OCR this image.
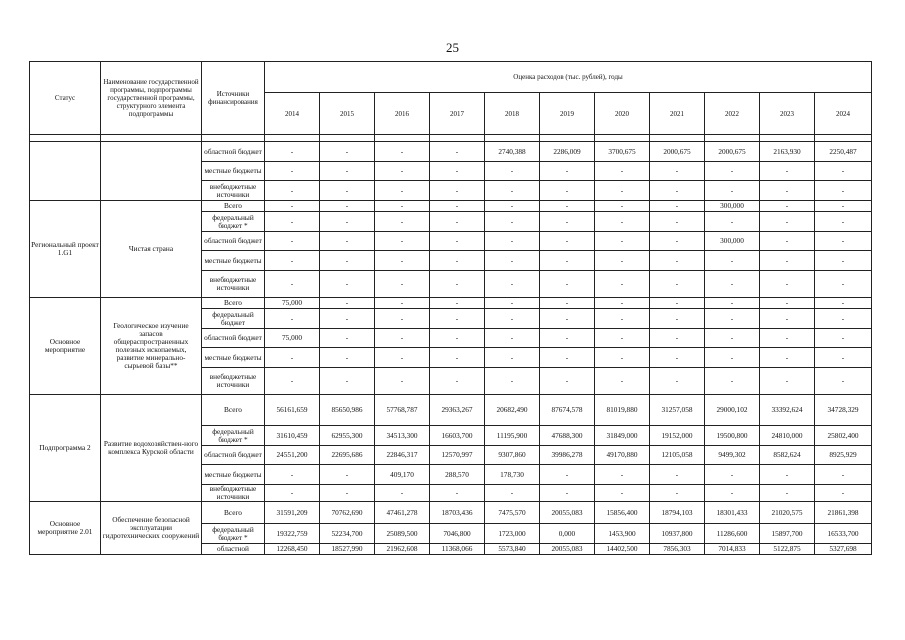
25
Статус	Наименование государственной программы, подпрограммы государственной программы, структурного элемента подпрограммы	Источники финансирования	Оценка расходов (тыс. рублей), годы										
			2014	2015	2016	2017	2018	2019	2020	2021	2022	2023	2024

		областной бюджет	-	-	-	-	2740,388	2286,009	3700,675	2000,675	2000,675	2163,930	2250,487
		местные бюджеты	-	-	-	-	-	-	-	-	-	-	-
		внебюджетные источники	-	-	-	-	-	-	-	-	-	-	-
Региональный проект 1.G1	Чистая страна	Всего	-	-	-	-	-	-	-	-	300,000	-	-
		федеральный бюджет *	-	-	-	-	-	-	-	-	-	-	-
		областной бюджет	-	-	-	-	-	-	-	-	300,000	-	-
		местные бюджеты	-	-	-	-	-	-	-	-	-	-	-
		внебюджетные источники	-	-	-	-	-	-	-	-	-	-	-
Основное мероприятие	Геологическое изучение запасов общераспространенных полезных ископаемых, развитие минерально-сырьевой базы**	Всего	75,000	-	-	-	-	-	-	-	-	-	-
		федеральный бюджет	-	-	-	-	-	-	-	-	-	-	-
		областной бюджет	75,000	-	-	-	-	-	-	-	-	-	-
		местные бюджеты	-	-	-	-	-	-	-	-	-	-	-
		внебюджетные источники	-	-	-	-	-	-	-	-	-	-	-
Подпрограмма 2	Развитие водохозяйствен-ного комплекса Курской области	Всего	56161,659	85650,986	57768,787	29363,267	20682,490	87674,578	81019,880	31257,058	29000,102	33392,624	34728,329
		федеральный бюджет *	31610,459	62955,300	34513,300	16603,700	11195,900	47688,300	31849,000	19152,000	19500,800	24810,000	25802,400
		областной бюджет	24551,200	22695,686	22846,317	12570,997	9307,860	39986,278	49170,880	12105,058	9499,302	8582,624	8925,929
		местные бюджеты	-	-	409,170	288,570	178,730	-	-	-	-	-	-
		внебюджетные источники	-	-	-	-	-	-	-	-	-	-	-
Основное мероприятие 2.01	Обеспечение безопасной эксплуатации гидротехнических сооружений	Всего	31591,209	70762,690	47461,278	18703,436	7475,570	20055,083	15856,400	18794,103	18301,433	21020,575	21861,398
		федеральный бюджет *	19322,759	52234,700	25089,500	7046,800	1723,000	0,000	1453,900	10937,800	11286,600	15897,700	16533,700
		областной	12268,450	18527,990	21962,608	11368,066	5573,840	20055,083	14402,500	7856,303	7014,833	5122,875	5327,698
